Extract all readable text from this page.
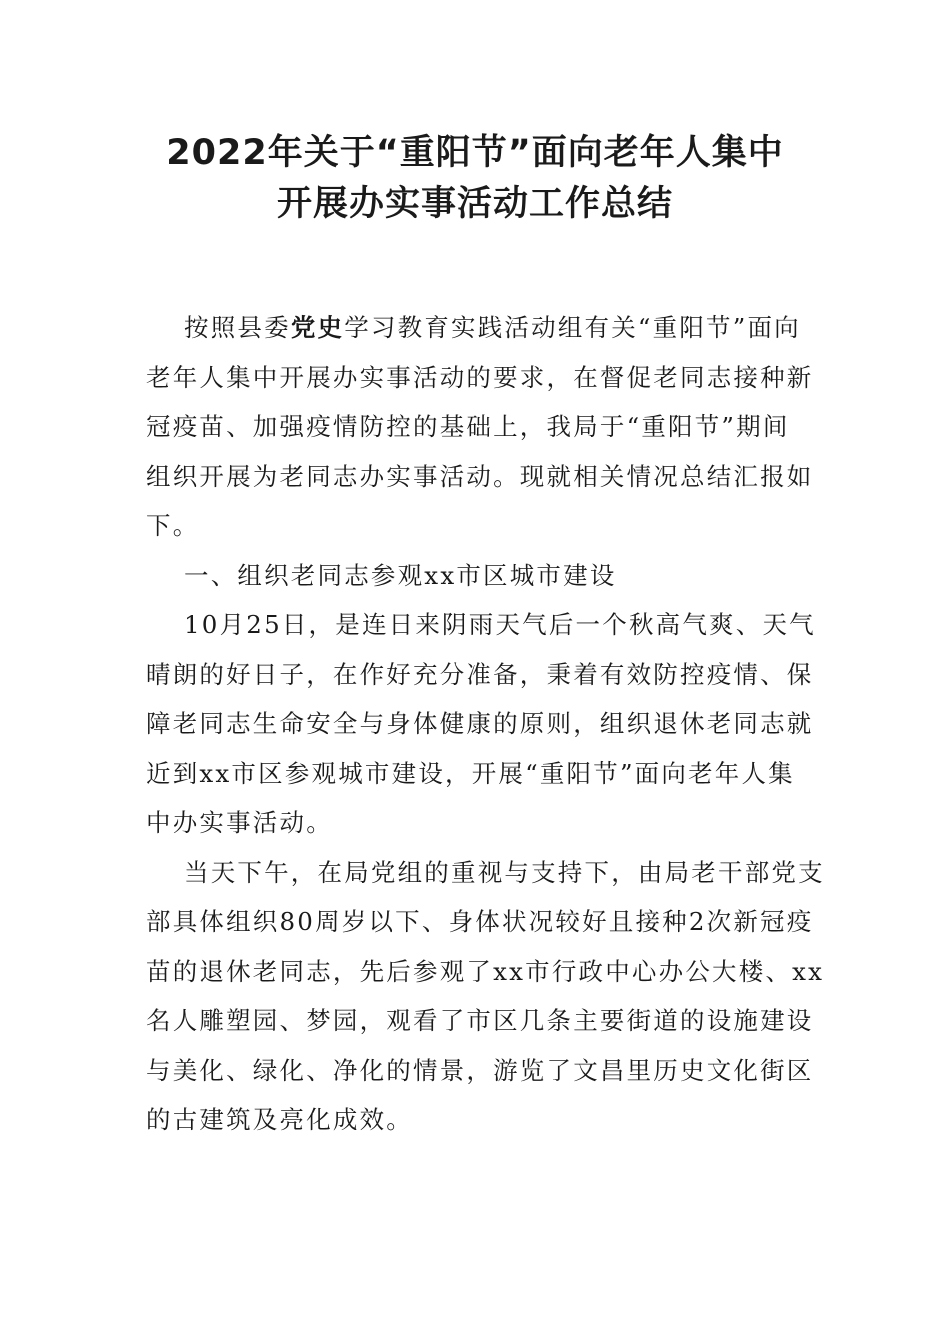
2022年关于“重阳节”面向老年人集中
开展办实事活动工作总结
按照县委党史学习教育实践活动组有关“重阳节”面向
老年人集中开展办实事活动的要求，在督促老同志接种新
冠疫苗、加强疫情防控的基础上，我局于“重阳节”期间
组织开展为老同志办实事活动。现就相关情况总结汇报如
下。
一、组织老同志参观xx市区城市建设
10月25日，是连日来阴雨天气后一个秋高气爽、天气
晴朗的好日子，在作好充分准备，秉着有效防控疫情、保
障老同志生命安全与身体健康的原则，组织退休老同志就
近到xx市区参观城市建设，开展“重阳节”面向老年人集
中办实事活动。
当天下午，在局党组的重视与支持下，由局老干部党支
部具体组织80周岁以下、身体状况较好且接种2次新冠疫
苗的退休老同志，先后参观了xx市行政中心办公大楼、xx
名人雕塑园、梦园，观看了市区几条主要街道的设施建设
与美化、绿化、净化的情景，游览了文昌里历史文化街区
的古建筑及亮化成效。
